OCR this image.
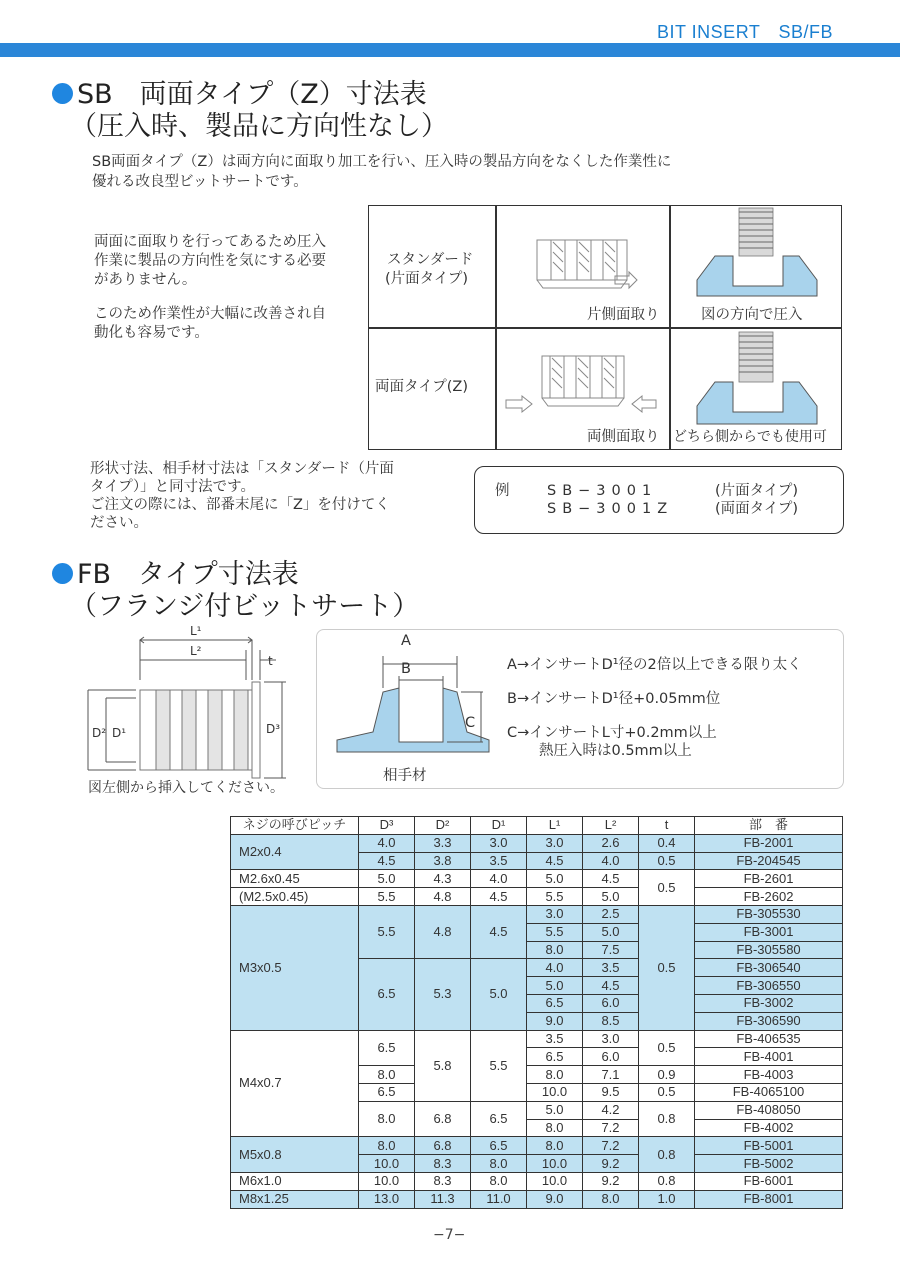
BIT INSERT　SB/FB
SB　両面タイプ（Z）寸法表
（圧入時、製品に方向性なし）
SB両面タイプ（Z）は両方向に面取り加工を行い、圧入時の製品方向をなくした作業性に
優れる改良型ビットサートです。
両面に面取りを行ってあるため圧入
作業に製品の方向性を気にする必要
がありません。
このため作業性が大幅に改善され自
動化も容易です。
スタンダード
(片面タイプ)
両面タイプ(Z)
片側面取り	図の方向で圧入
両側面取り どちら側からでも使用可
形状寸法、相手材寸法は「スタンダード（片面
タイプ）」と同寸法です。
ご注文の際には、部番末尾に「Z」を付けてく
ださい。
例	SB−3001
SB−3001Z
(片面タイプ)
(両面タイプ)
FB　タイプ寸法表
（フランジ付ビットサート）
L¹
L²
t
D¹
D²	D³
図左側から挿入してください。
A
B
C
相手材
A→インサートD¹径の2倍以上できる限り太く
B→インサートD¹径+0.05mm位
C→インサートL寸+0.2mm以上
熱圧入時は0.5mm以上
ネジの呼びピッチ	D³	D²	D¹	L¹	L²	t	部　番
M2x0.4	4.0	3.3	3.0	3.0	2.6	0.4	FB-2001
	4.5	3.8	3.5	4.5	4.0	0.5	FB-204545
M2.6x0.45	5.0	4.3	4.0	5.0	4.5	0.5	FB-2601
(M2.5x0.45)	5.5	4.8	4.5	5.5	5.0		FB-2602
M3x0.5	5.5	4.8	4.5	3.0	2.5	0.5	FB-305530
				5.5	5.0		FB-3001
				8.0	7.5		FB-305580
	6.5	5.3	5.0	4.0	3.5		FB-306540
				5.0	4.5		FB-306550
				6.5	6.0		FB-3002
				9.0	8.5		FB-306590
M4x0.7	6.5	5.8	5.5	3.5	3.0	0.5	FB-406535
				6.5	6.0		FB-4001
	8.0			8.0	7.1	0.9	FB-4003
	6.5			10.0	9.5	0.5	FB-4065100
	8.0	6.8	6.5	5.0	4.2	0.8	FB-408050
				8.0	7.2		FB-4002
M5x0.8	8.0	6.8	6.5	8.0	7.2	0.8	FB-5001
	10.0	8.3	8.0	10.0	9.2		FB-5002
M6x1.0	10.0	8.3	8.0	10.0	9.2	0.8	FB-6001
M8x1.25	13.0	11.3	11.0	9.0	8.0	1.0	FB-8001
−7−
